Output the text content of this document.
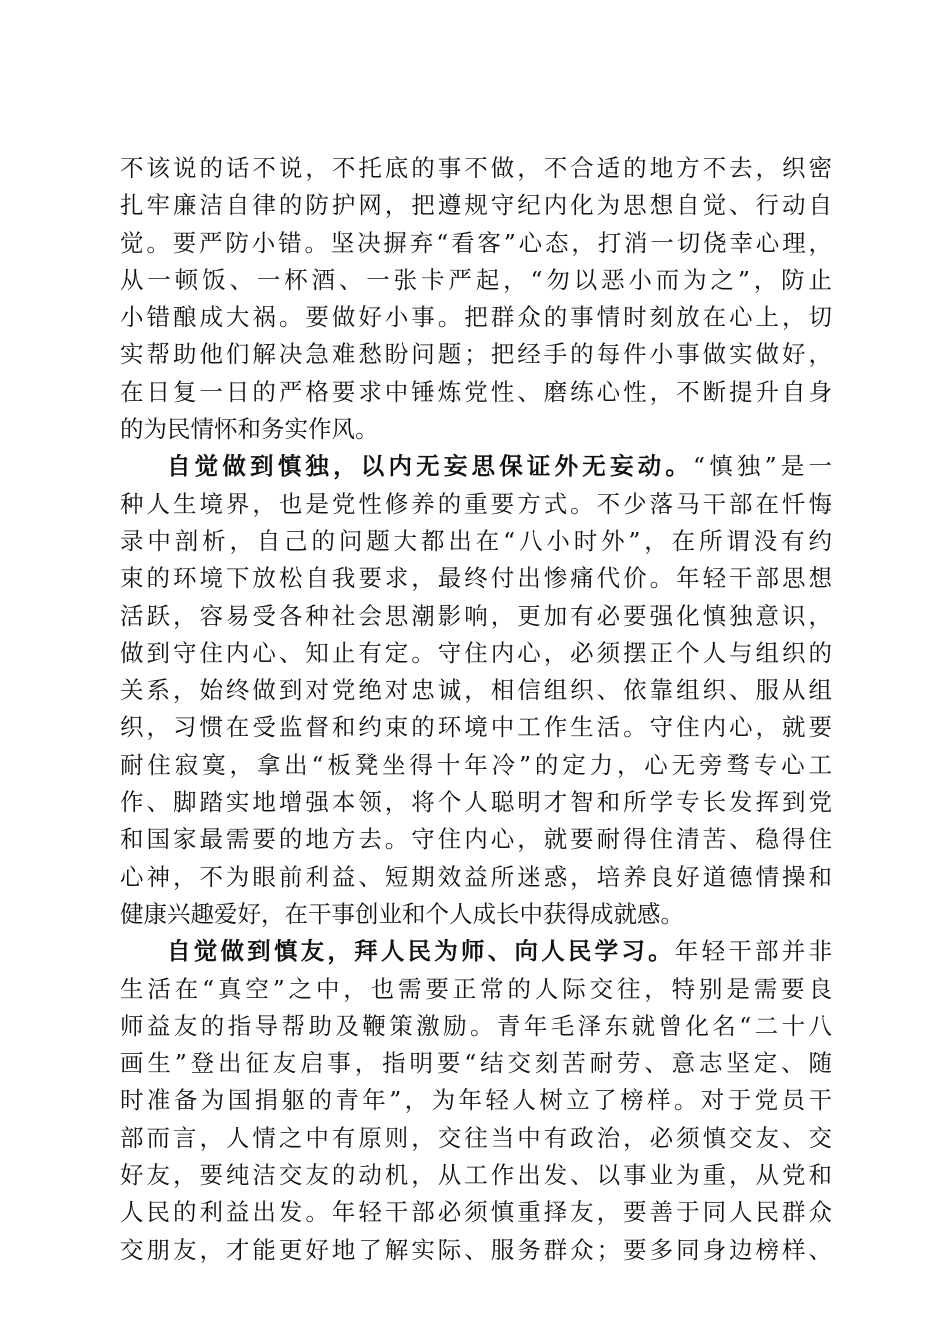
不该说的话不说，不托底的事不做，不合适的地方不去，织密
扎牢廉洁自律的防护网，把遵规守纪内化为思想自觉、行动自
觉。要严防小错。坚决摒弃“看客”心态，打消一切侥幸心理，
从一顿饭、一杯酒、一张卡严起，“勿以恶小而为之”，防止
小错酿成大祸。要做好小事。把群众的事情时刻放在心上，切
实帮助他们解决急难愁盼问题；把经手的每件小事做实做好，
在日复一日的严格要求中锤炼党性、磨练心性，不断提升自身
的为民情怀和务实作风。
自觉做到慎独，以内无妄思保证外无妄动。“慎独”是一
种人生境界，也是党性修养的重要方式。不少落马干部在忏悔
录中剖析，自己的问题大都出在“八小时外”，在所谓没有约
束的环境下放松自我要求，最终付出惨痛代价。年轻干部思想
活跃，容易受各种社会思潮影响，更加有必要强化慎独意识，
做到守住内心、知止有定。守住内心，必须摆正个人与组织的
关系，始终做到对党绝对忠诚，相信组织、依靠组织、服从组
织，习惯在受监督和约束的环境中工作生活。守住内心，就要
耐住寂寞，拿出“板凳坐得十年冷”的定力，心无旁骛专心工
作、脚踏实地增强本领，将个人聪明才智和所学专长发挥到党
和国家最需要的地方去。守住内心，就要耐得住清苦、稳得住
心神，不为眼前利益、短期效益所迷惑，培养良好道德情操和
健康兴趣爱好，在干事创业和个人成长中获得成就感。
自觉做到慎友，拜人民为师、向人民学习。年轻干部并非
生活在“真空”之中，也需要正常的人际交往，特别是需要良
师益友的指导帮助及鞭策激励。青年毛泽东就曾化名“二十八
画生”登出征友启事，指明要“结交刻苦耐劳、意志坚定、随
时准备为国捐躯的青年”，为年轻人树立了榜样。对于党员干
部而言，人情之中有原则，交往当中有政治，必须慎交友、交
好友，要纯洁交友的动机，从工作出发、以事业为重，从党和
人民的利益出发。年轻干部必须慎重择友，要善于同人民群众
交朋友，才能更好地了解实际、服务群众；要多同身边榜样、
